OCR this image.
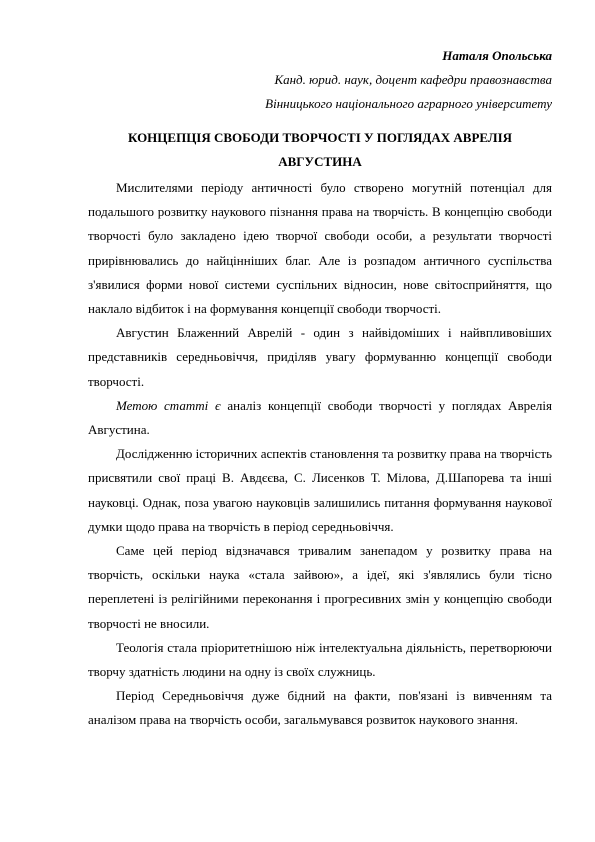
Наталя Опольська
Канд. юрид. наук, доцент кафедри правознавства
Вінницького національного аграрного університету
КОНЦЕПЦІЯ СВОБОДИ ТВОРЧОСТІ У ПОГЛЯДАХ АВРЕЛІЯ
АВГУСТИНА

Мислителями періоду античності було створено могутній потенціал для подальшого розвитку наукового пізнання права на творчість. В концепцію свободи творчості було закладено ідею творчої свободи особи, а результати творчості прирівнювались до найцінніших благ. Але із розпадом античного суспільства з'явилися форми нової системи суспільних відносин, нове світосприйняття, що наклало відбиток і на формування концепції свободи творчості.

Августин Блаженний Аврелій - один з найвідоміших і найвпливовіших представників середньовіччя, приділяв увагу формуванню концепції свободи творчості.

Метою статті є аналіз концепції свободи творчості у поглядах Аврелія Августина.

Дослідженню історичних аспектів становлення та розвитку права на творчість присвятили свої праці В. Авдєєва, С. Лисенков Т. Мілова, Д.Шапорева та інші науковці. Однак, поза увагою науковців залишились питання формування наукової думки щодо права на творчість в період середньовіччя.

Саме цей період відзначався тривалим занепадом у розвитку права на творчість, оскільки наука «стала зайвою», а ідеї, які з'являлись були тісно переплетені із релігійними переконання і прогресивних змін у концепцію свободи творчості не вносили.

Теологія стала пріоритетнішою ніж інтелектуальна діяльність, перетворюючи творчу здатність людини на одну із своїх служниць.

Період Середньовіччя дуже бідний на факти, пов'язані із вивченням та аналізом права на творчість особи, загальмувався розвиток наукового знання.
